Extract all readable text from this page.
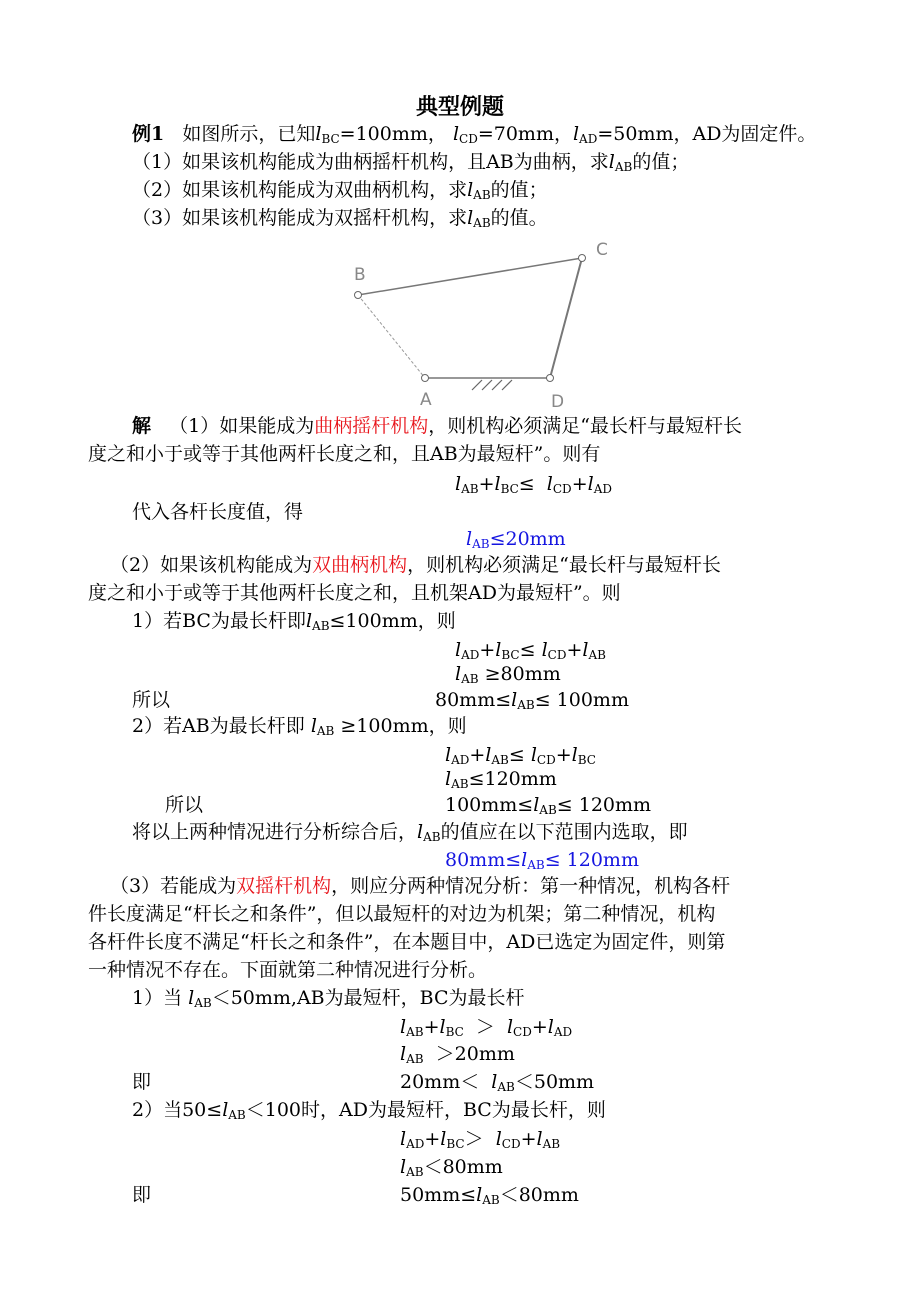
典型例题
例1   如图所示，已知$l_{BC}=100mm$， $l_{CD}=70mm$，$l_{AD}=50mm$，AD为固定件。
（1）如果该机构能成为曲柄摇杆机构，且AB为曲柄，求$l_{AB}$的值；
（2）如果该机构能成为双曲柄机构，求$l_{AB}$的值；
（3）如果该机构能成为双摇杆机构，求$l_{AB}$的值。
B
C
A	D
解   （1）如果能成为曲柄摇杆机构，则机构必须满足“最长杆与最短杆长
度之和小于或等于其他两杆长度之和，且AB为最短杆”。则有
$l_{AB}+l_{BC}\le l_{CD}+l_{AD}$
代入各杆长度值，得
$l_{AB}\le 20mm$
（2）如果该机构能成为双曲柄机构，则机构必须满足“最长杆与最短杆长
度之和小于或等于其他两杆长度之和，且机架AD为最短杆”。则
1）若BC为最长杆即$l_{AB}\le 100mm$，则
$l_{AD}+l_{BC}\le l_{CD}+l_{AB}$
$l_{AB} \ge 80mm$
所以	$80mm\le l_{AB}\le 100mm$
2）若AB为最长杆即 $l_{AB} \ge 100mm$，则
$l_{AD}+l_{AB}\le l_{CD}+l_{BC}$
$l_{AB}\le 120mm$
所以	$100mm\le l_{AB}\le 120mm$
将以上两种情况进行分析综合后，$l_{AB}$的值应在以下范围内选取，即
$80mm\le l_{AB}\le 120mm$
（3）若能成为双摇杆机构，则应分两种情况分析：第一种情况，机构各杆
件长度满足“杆长之和条件”，但以最短杆的对边为机架；第二种情况，机构
各杆件长度不满足“杆长之和条件”，在本题目中，AD已选定为固定件，则第
一种情况不存在。下面就第二种情况进行分析。
1）当 $l_{AB}<50mm,AB$为最短杆，BC为最长杆
$l_{AB}+l_{BC} > l_{CD}+l_{AD}$
$l_{AB} >20mm$
即	$20mm< l_{AB}<50mm$
2）当$50\le l_{AB}<100$时，AD为最短杆，BC为最长杆，则
$l_{AD}+l_{BC}> l_{CD}+l_{AB}$
$l_{AB}<80mm$
即	$50mm\le l_{AB}<80mm$
